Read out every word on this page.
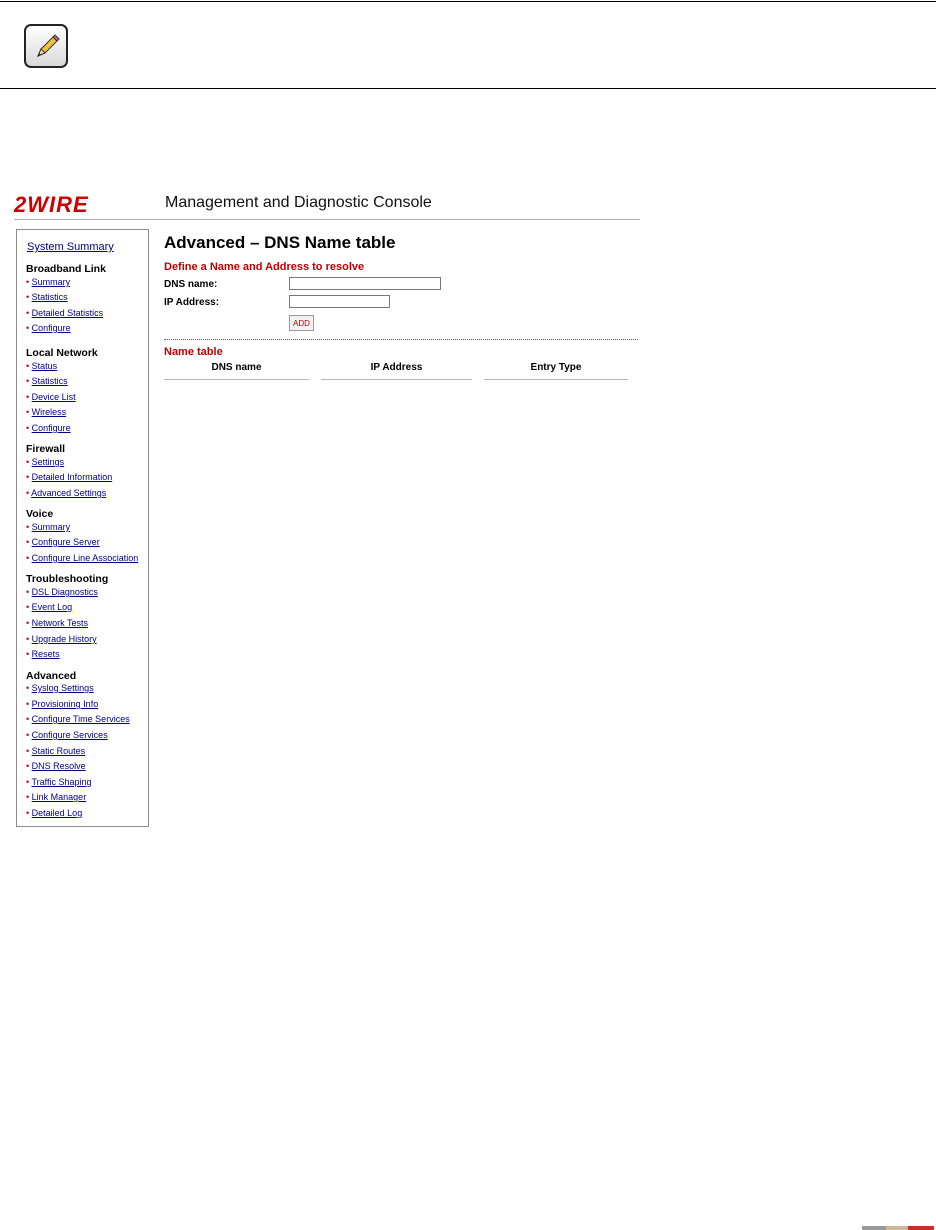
2WIRE	Management and Diagnostic Console
System Summary
Broadband Link
• Summary
• Statistics
• Detailed Statistics
• Configure
Local Network
• Status
• Statistics
• Device List
• Wireless
• Configure
Firewall
• Settings
• Detailed Information
• Advanced Settings
Voice
• Summary
• Configure Server
• Configure Line Association
Troubleshooting
• DSL Diagnostics
• Event Log
• Network Tests
• Upgrade History
• Resets
Advanced
• Syslog Settings
• Provisioning Info
• Configure Time Services
• Configure Services
• Static Routes
• DNS Resolve
• Traffic Shaping
• Link Manager
• Detailed Log
Advanced – DNS Name table
Define a Name and Address to resolve
DNS name:
IP Address:
ADD
Name table
DNS name	IP Address	Entry Type
